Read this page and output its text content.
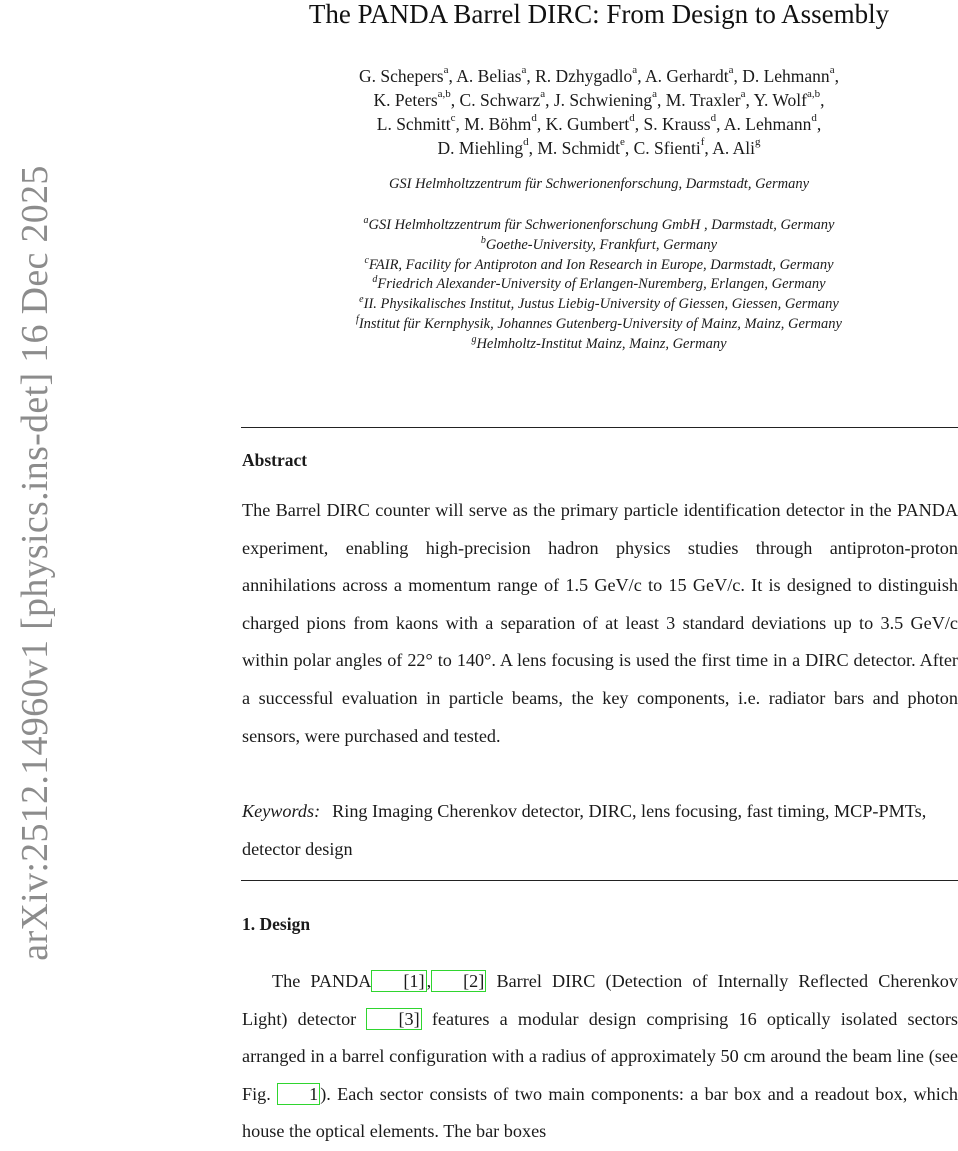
arXiv:2512.14960v1 [physics.ins-det] 16 Dec 2025
The PANDA Barrel DIRC: From Design to Assembly
G. Schepers$^a$, A. Belias$^a$, R. Dzhygadlo$^a$, A. Gerhardt$^a$, D. Lehmann$^a$,
K. Peters$^{a,b}$, C. Schwarz$^a$, J. Schwiening$^a$, M. Traxler$^a$, Y. Wolf$^{a,b}$,
L. Schmitt$^c$, M. Böhm$^d$, K. Gumbert$^d$, S. Krauss$^d$, A. Lehmann$^d$,
D. Miehling$^d$, M. Schmidt$^e$, C. Sfienti$^f$, A. Ali$^g$
GSI Helmholtzzentrum für Schwerionenforschung, Darmstadt, Germany
$^a$GSI Helmholtzzentrum für Schwerionenforschung GmbH , Darmstadt, Germany
$^b$Goethe-University, Frankfurt, Germany
$^c$FAIR, Facility for Antiproton and Ion Research in Europe, Darmstadt, Germany
$^d$Friedrich Alexander-University of Erlangen-Nuremberg, Erlangen, Germany
$^e$II. Physikalisches Institut, Justus Liebig-University of Giessen, Giessen, Germany
$^f$Institut für Kernphysik, Johannes Gutenberg-University of Mainz, Mainz, Germany
$^g$Helmholtz-Institut Mainz, Mainz, Germany
Abstract

The Barrel DIRC counter will serve as the primary particle identification detector in the PANDA experiment, enabling high-precision hadron physics studies through antiproton-proton annihilations across a momentum range of 1.5 GeV/c to 15 GeV/c. It is designed to distinguish charged pions from kaons with a separation of at least 3 standard deviations up to 3.5 GeV/c within polar angles of 22° to 140°. A lens focusing is used the first time in a DIRC detector. After a successful evaluation in particle beams, the key components, i.e. radiator bars and photon sensors, were purchased and tested.

Keywords: Ring Imaging Cherenkov detector, DIRC, lens focusing, fast timing, MCP-PMTs, detector design

1. Design

The PANDA [1] , [2] Barrel DIRC (Detection of Internally Reflected Cherenkov Light) detector [3] features a modular design comprising 16 optically isolated sectors arranged in a barrel configuration with a radius of approximately 50 cm around the beam line (see Fig. 1 ). Each sector consists of two main components: a bar box and a readout box, which house the optical elements. The bar boxes
